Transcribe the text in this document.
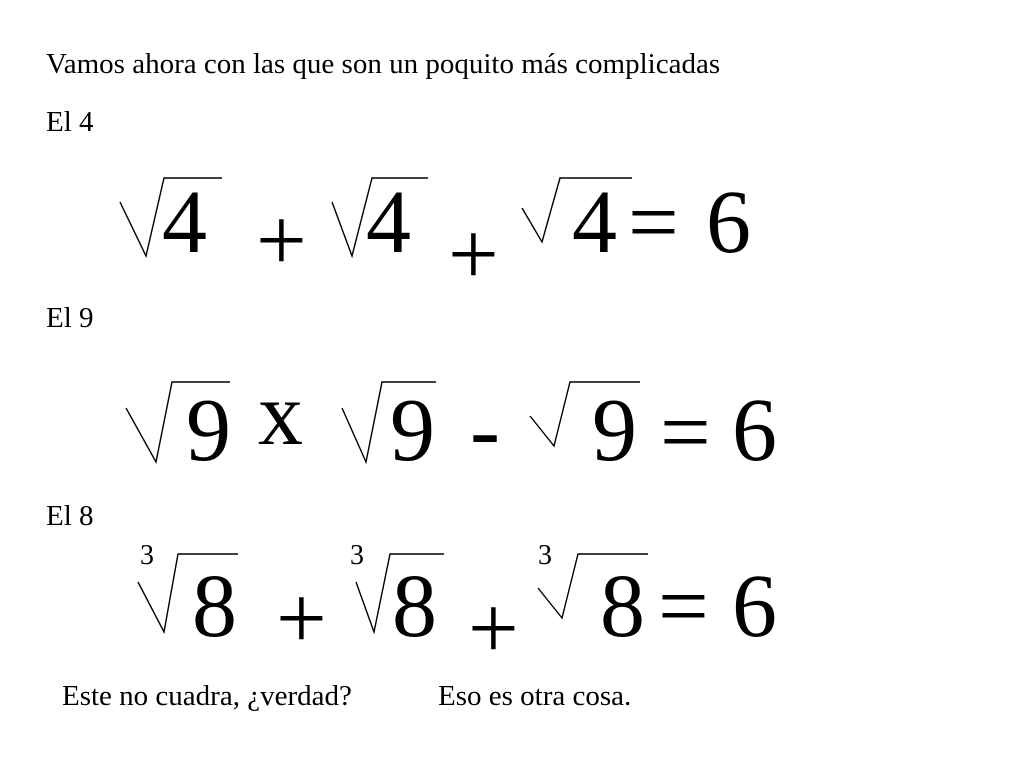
Vamos ahora con las que son un poquito más complicadas
El 4
4 + 4 + 4 = 6
El 9
9 x 9 - 9 = 6
El 8
3
8 +
3
8 +
3
8 = 6
Este no cuadra, ¿verdad?	Eso es otra cosa.
